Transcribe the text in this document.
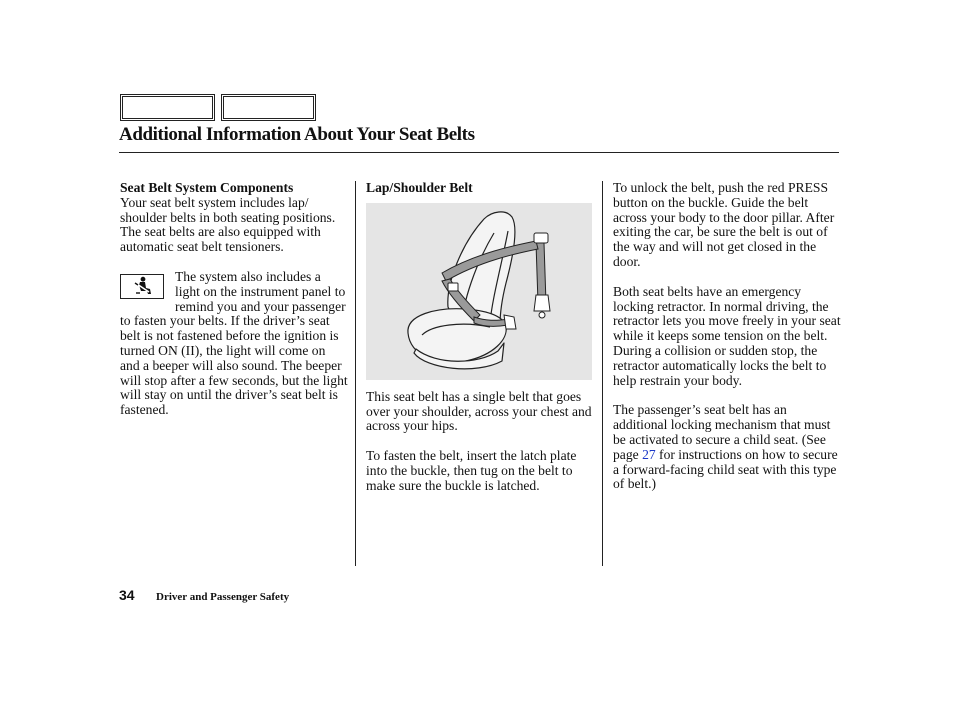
Additional Information About Your Seat Belts
Seat Belt System Components

Your seat belt system includes lap/ shoulder belts in both seating positions.

The seat belts are also equipped with automatic seat belt tensioners.

The system also includes a light on the instrument panel to remind you and your passenger to fasten your belts. If the driver’s seat belt is not fastened before the ignition is turned ON (II), the light will come on and a beeper will also sound. The beeper will stop after a few seconds, but the light will stay on until the driver’s seat belt is fastened.

Lap/Shoulder Belt

This seat belt has a single belt that goes over your shoulder, across your chest and across your hips.

To fasten the belt, insert the latch plate into the buckle, then tug on the belt to make sure the buckle is latched.

To unlock the belt, push the red PRESS button on the buckle. Guide the belt across your body to the door pillar. After exiting the car, be sure the belt is out of the way and will not get closed in the door.

Both seat belts have an emergency locking retractor. In normal driving, the retractor lets you move freely in your seat while it keeps some tension on the belt.

During a collision or sudden stop, the retractor automatically locks the belt to help restrain your body.

The passenger’s seat belt has an additional locking mechanism that must be activated to secure a child seat. (See page 27 for instructions on how to secure a forward-facing child seat with this type of belt.)

34 Driver and Passenger Safety
